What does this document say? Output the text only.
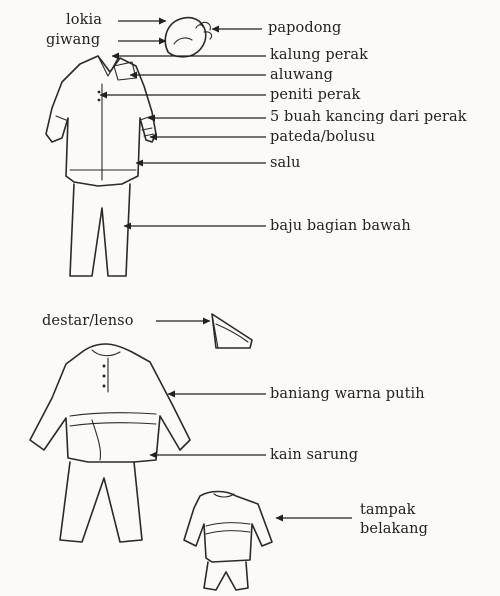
lokia
giwang
papodong
kalung perak
aluwang
peniti perak
5 buah kancing dari perak
pateda/bolusu
salu
baju bagian bawah
destar/lenso
baniang warna putih
kain sarung
tampak
belakang
